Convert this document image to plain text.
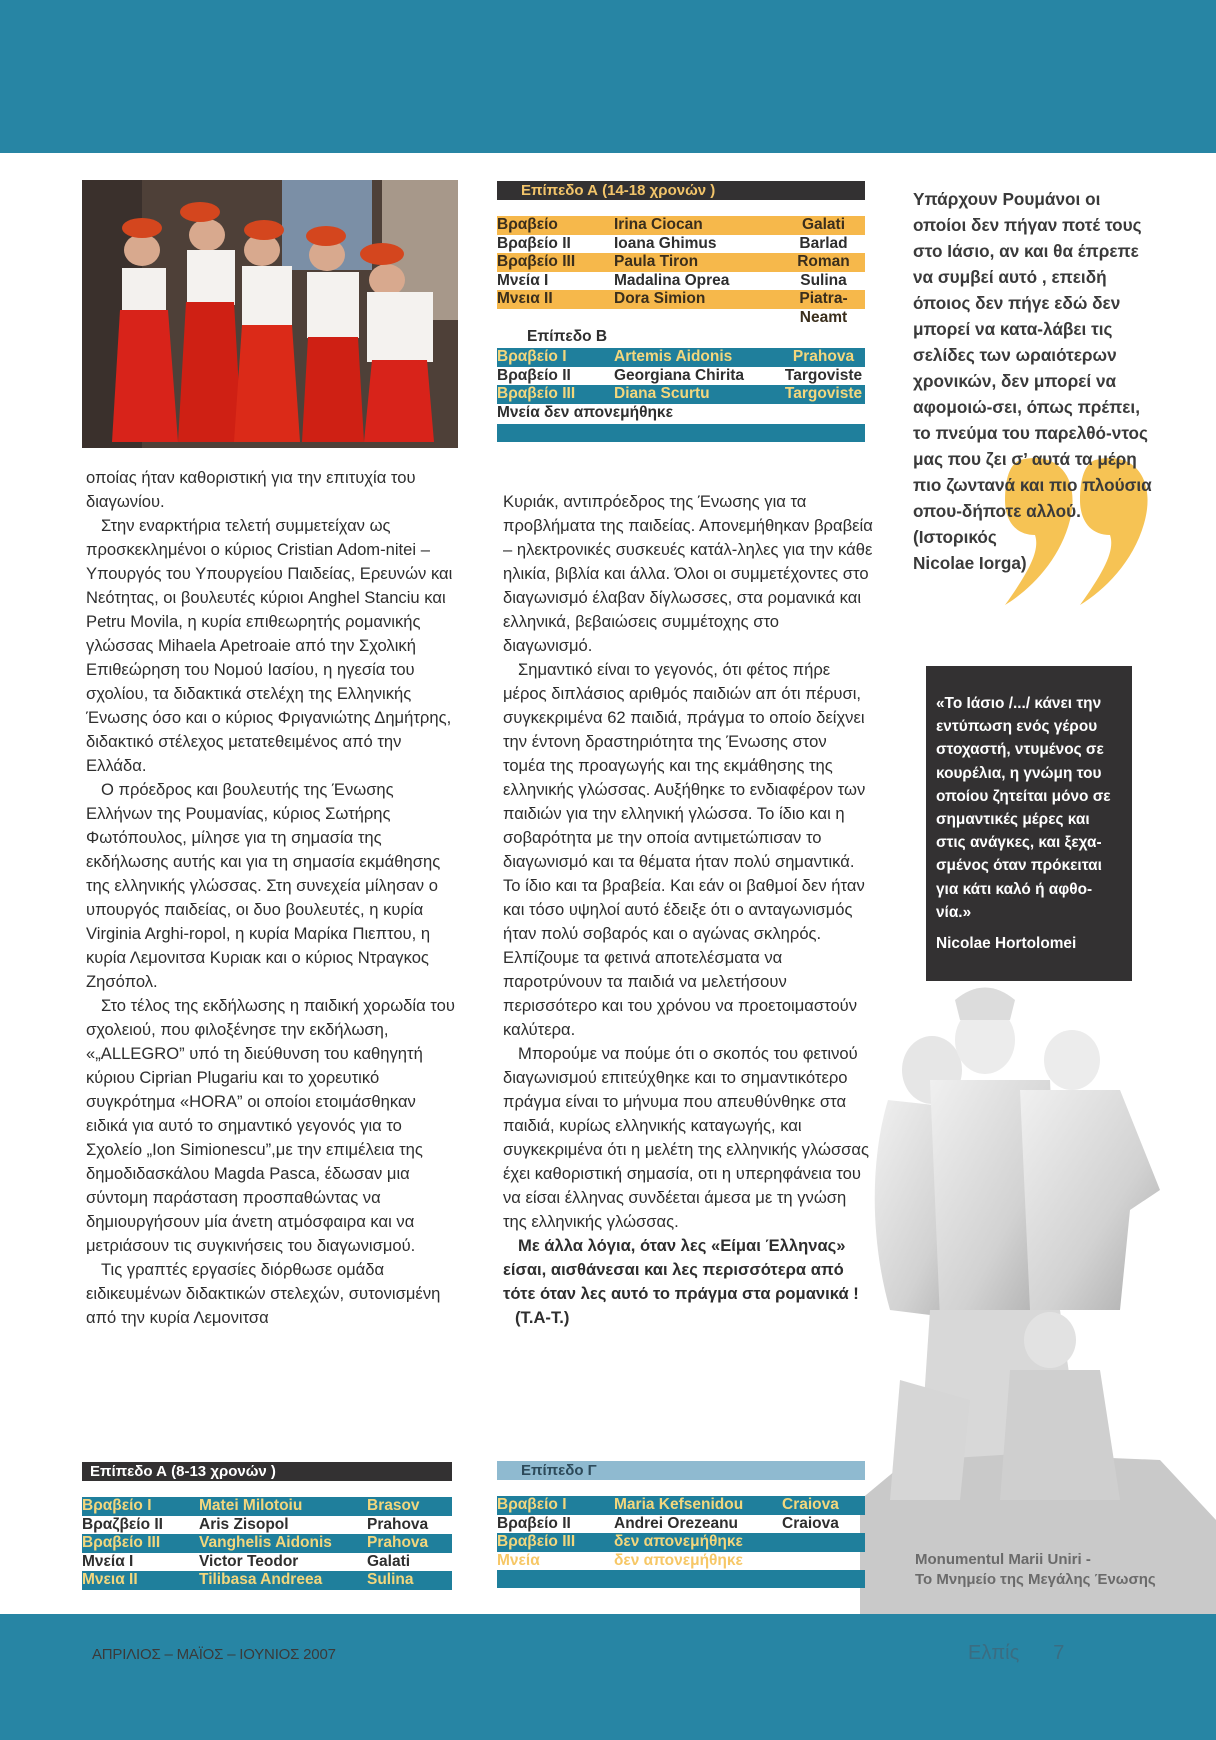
Επίπεδο Α (14-18 χρονών )
Βραβείο	Irina Ciocan	Galati
Βραβείο II	Ioana Ghimus	Barlad
Βραβείο III	Paula Tiron	Roman
Μνεία I	Madalina Oprea	Sulina
Μνεια II	Dora Simion	Piatra-Neamt
Επίπεδο Β
Βραβείο I	Artemis Aidonis	Prahova
Βραβείο II	Georgiana Chirita	Targoviste
Βραβείο III	Diana Scurtu	Targoviste
Μνεία δεν απονεμήθηκε

οποίας ήταν καθοριστική για την επιτυχία του διαγωνίου.

Στην εναρκτήρια τελετή συμμετείχαν ως προσκεκλημένοι ο κύριος Cristian Adom-nitei – Υπουργός του Υπουργείου Παιδείας, Ερευνών και Νεότητας, οι βουλευτές κύριοι Anghel Stanciu και Petru Movila, η κυρία επιθεωρητής ρομανικής γλώσσας Mihaela Apetroaie από την Σχολική Επιθεώρηση του Νομού Ιασίου, η ηγεσία του σχολίου, τα διδακτικά στελέχη της Ελληνικής Ένωσης όσο και ο κύριος Φριγανιώτης Δημήτρης, διδακτικό στέλεχος μετατεθειμένος από την Ελλάδα.

Ο πρόεδρος και βουλευτής της Ένωσης Ελλήνων της Ρουμανίας, κύριος Σωτήρης Φωτόπουλος, μίλησε για τη σημασία της εκδήλωσης αυτής και για τη σημασία εκμάθησης της ελληνικής γλώσσας. Στη συνεχεία μίλησαν ο υπουργός παιδείας, οι δυο βουλευτές, η κυρία Virginia Arghi-ropol, η κυρία Μαρίκα Πιεπτου, η κυρία Λεμονιτσα Κυριακ και ο κύριος Ντραγκος Ζησόπολ.

Στο τέλος της εκδήλωσης η παιδική χορωδία του σχολειού, που φιλοξένησε την εκδήλωση, «„ALLEGRO” υπό τη διεύθυνση του καθηγητή κύριου Ciprian Plugariu και το χορευτικό συγκρότημα «HORA” οι οποίοι ετοιμάσθηκαν ειδικά για αυτό το σημαντικό γεγονός για το Σχολείο „Ion Simionescu”,με την επιμέλεια της δημοδιδασκάλου Magda Pasca, έδωσαν μια σύντομη παράσταση προσπαθώντας να δημιουργήσουν μία άνετη ατμόσφαιρα και να μετριάσουν τις συγκινήσεις του διαγωνισμού.

Τις γραπτές εργασίες διόρθωσε ομάδα ειδικευμένων διδακτικών στελεχών, συτονισμένη από την κυρία Λεμονιτσα

Κυριάκ, αντιπρόεδρος της Ένωσης για τα προβλήματα της παιδείας. Απονεμήθηκαν βραβεία – ηλεκτρονικές συσκευές κατάλ-ληλες για την κάθε ηλικία, βιβλία και άλλα. Όλοι οι συμμετέχοντες στο διαγωνισμό έλαβαν δίγλωσσες, στα ρομανικά και ελληνικά, βεβαιώσεις συμμέτοχης στο διαγωνισμό.

Σημαντικό είναι το γεγονός, ότι φέτος πήρε μέρος διπλάσιος αριθμός παιδιών απ ότι πέρυσι, συγκεκριμένα 62 παιδιά, πράγμα το οποίο δείχνει την έντονη δραστηριότητα της Ένωσης στον τομέα της προαγωγής και της εκμάθησης της ελληνικής γλώσσας. Αυξήθηκε το ενδιαφέρον των παιδιών για την ελληνική γλώσσα. Το ίδιο και η σοβαρότητα με την οποία αντιμετώπισαν το διαγωνισμό και τα θέματα ήταν πολύ σημαντικά. Το ίδιο και τα βραβεία. Και εάν οι βαθμοί δεν ήταν και τόσο υψηλοί αυτό έδειξε ότι ο ανταγωνισμός ήταν πολύ σοβαρός και ο αγώνας σκληρός. Ελπίζουμε τα φετινά αποτελέσματα να παροτρύνουν τα παιδιά να μελετήσουν περισσότερο και του χρόνου να προετοιμαστούν καλύτερα.

Μπορούμε να πούμε ότι ο σκοπός του φετινού διαγωνισμού επιτεύχθηκε και το σημαντικότερο πράγμα είναι το μήνυμα που απευθύνθηκε στα παιδιά, κυρίως ελληνικής καταγωγής, και συγκεκριμένα ότι η μελέτη της ελληνικής γλώσσας έχει καθοριστική σημασία, οτι η υπερηφάνεια του να είσαι έλληνας συνδέεται άμεσα με τη γνώση της ελληνικής γλώσσας.

Με άλλα λόγια, όταν λες «Είμαι Έλληνας» είσαι, αισθάνεσαι και λες περισσότερα από τότε όταν λες αυτό το πράγμα στα ρομανικά !

(Τ.Α-Τ.)

Επίπεδο Α (8-13 χρονών )
Βραβείο I	Matei Milotoiu	Brasov
Βραζβείο II	Aris Zisopol	Prahova
Βραβείο III	Vanghelis Aidonis	Prahova
Μνεία I	Victor Teodor	Galati
Μνεια II	Tilibasa Andreea	Sulina
Επίπεδο Γ
Βραβείο I	Maria Kefsenidou	Craiova
Βραβείο II	Andrei Orezeanu	Craiova
Βραβείο III	δεν απονεμήθηκε
Μνεία	δεν απονεμήθηκε
Υπάρχουν Ρουμάνοι οι οποίοι δεν πήγαν ποτέ τους στο Ιάσιο, αν και θα έπρεπε να συμβεί αυτό , επειδή όποιος δεν πήγε εδώ δεν μπορεί να κατα-λάβει τις σελίδες των ωραιότερων χρονικών, δεν μπορεί να αφομοιώ-σει, όπως πρέπει, το πνεύμα του παρελθό-ντος μας που ζει σ’ αυτά τα μέρη πιο ζωντανά και πιο πλούσια οπου-δήποτε αλλού.
(Ιστορικός
Nicolae Iorga)
«Το Ιάσιο /.../ κάνει την εντύπωση ενός γέρου στοχαστή, ντυμένος σε κουρέλια, η γνώμη του οποίου ζητείται μόνο σε σημαντικές μέρες και στις ανάγκες, και ξεχα-σμένος όταν πρόκειται για κάτι καλό ή αφθο-νία.»
Nicolae Hortolomei
Monumentul Marii Uniri -
Το Μνημείο της Μεγάλης Ένωσης
ΑΠΡΙΛΙΟΣ – ΜΑΪΟΣ – ΙΟΥΝΙΟΣ 2007	Ελπίς 7
